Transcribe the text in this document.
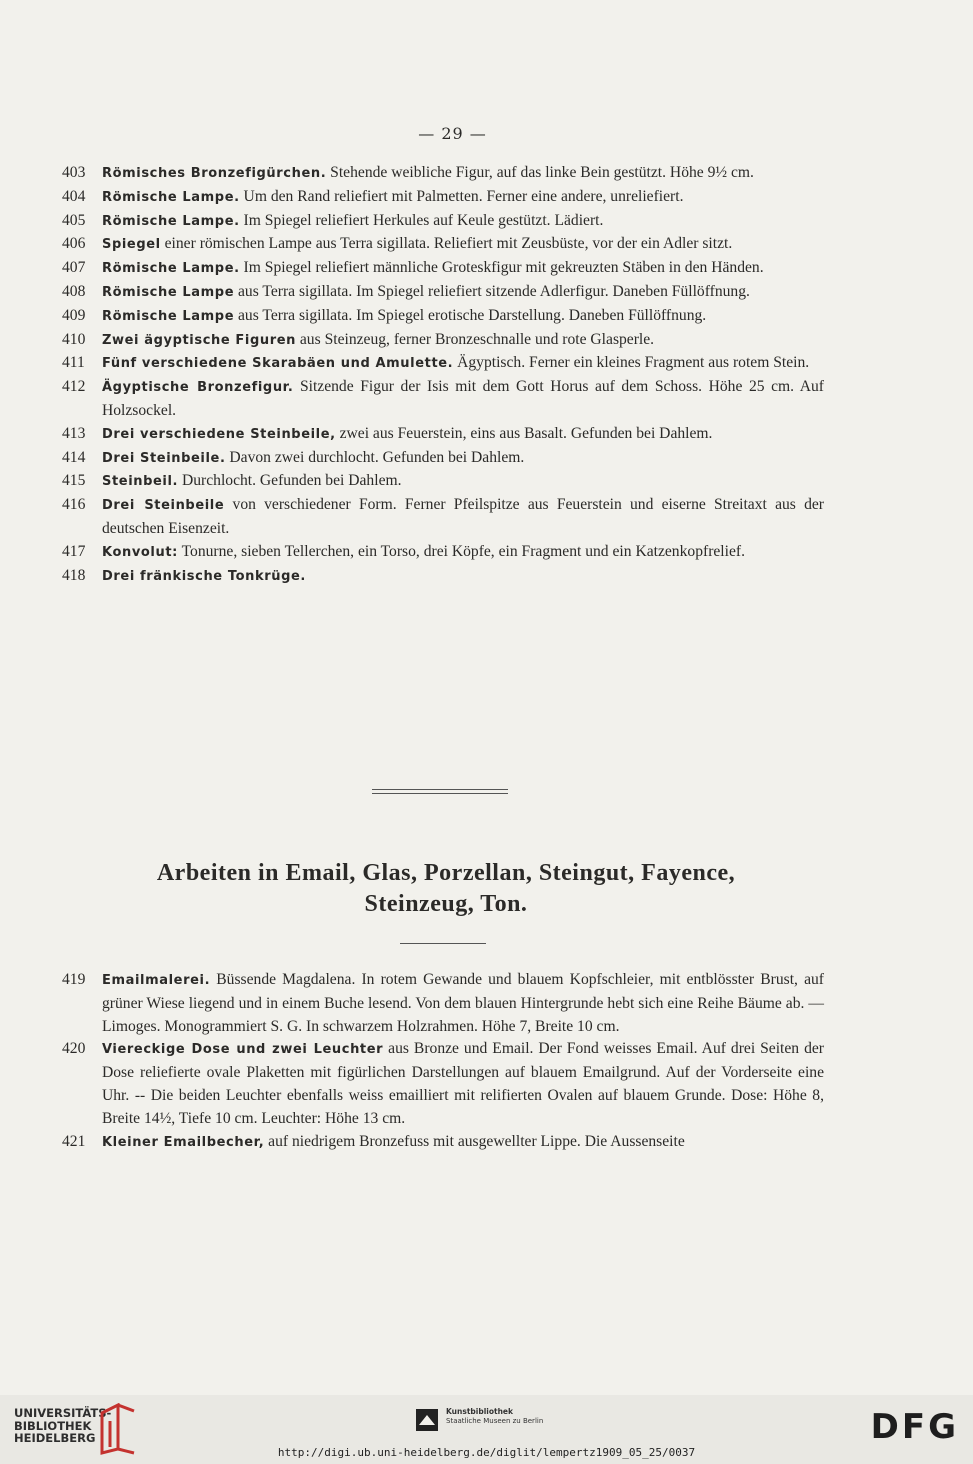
— 29 —
403 Römisches Bronzefigürchen. Stehende weibliche Figur, auf das linke Bein gestützt. Höhe 9½ cm.
404 Römische Lampe. Um den Rand reliefiert mit Palmetten. Ferner eine andere, unreliefiert.
405 Römische Lampe. Im Spiegel reliefiert Herkules auf Keule gestützt. Lädiert.
406 Spiegel einer römischen Lampe aus Terra sigillata. Reliefiert mit Zeusbüste, vor der ein Adler sitzt.
407 Römische Lampe. Im Spiegel reliefiert männliche Groteskfigur mit gekreuzten Stäben in den Händen.
408 Römische Lampe aus Terra sigillata. Im Spiegel reliefiert sitzende Adlerfigur. Daneben Füllöffnung.
409 Römische Lampe aus Terra sigillata. Im Spiegel erotische Darstellung. Daneben Füllöffnung.
410 Zwei ägyptische Figuren aus Steinzeug, ferner Bronzeschnalle und rote Glasperle.
411 Fünf verschiedene Skarabäen und Amulette. Ägyptisch. Ferner ein kleines Fragment aus rotem Stein.
412 Ägyptische Bronzefigur. Sitzende Figur der Isis mit dem Gott Horus auf dem Schoss. Höhe 25 cm. Auf Holzsockel.
413 Drei verschiedene Steinbeile, zwei aus Feuerstein, eins aus Basalt. Gefunden bei Dahlem.
414 Drei Steinbeile. Davon zwei durchlocht. Gefunden bei Dahlem.
415 Steinbeil. Durchlocht. Gefunden bei Dahlem.
416 Drei Steinbeile von verschiedener Form. Ferner Pfeilspitze aus Feuerstein und eiserne Streitaxt aus der deutschen Eisenzeit.
417 Konvolut: Tonurne, sieben Tellerchen, ein Torso, drei Köpfe, ein Fragment und ein Katzenkopfrelief.
418 Drei fränkische Tonkrüge.
Arbeiten in Email, Glas, Porzellan, Steingut, Fayence,
Steinzeug, Ton.
419 Emailmalerei. Büssende Magdalena. In rotem Gewande und blauem Kopfschleier, mit entblösster Brust, auf grüner Wiese liegend und in einem Buche lesend. Von dem blauen Hintergrunde hebt sich eine Reihe Bäume ab. — Limoges. Monogrammiert S. G. In schwarzem Holzrahmen. Höhe 7, Breite 10 cm.
420 Viereckige Dose und zwei Leuchter aus Bronze und Email. Der Fond weisses Email. Auf drei Seiten der Dose reliefierte ovale Plaketten mit figürlichen Darstellungen auf blauem Emailgrund. Auf der Vorderseite eine Uhr. -- Die beiden Leuchter ebenfalls weiss emailliert mit relifierten Ovalen auf blauem Grunde. Dose: Höhe 8, Breite 14½, Tiefe 10 cm. Leuchter: Höhe 13 cm.
421 Kleiner Emailbecher, auf niedrigem Bronzefuss mit ausgewellter Lippe. Die Aussenseite
UNIVERSITÄTS-
BIBLIOTHEK
HEIDELBERG
Kunstbibliothek
Staatliche Museen zu Berlin	DFG
http://digi.ub.uni-heidelberg.de/diglit/lempertz1909_05_25/0037
